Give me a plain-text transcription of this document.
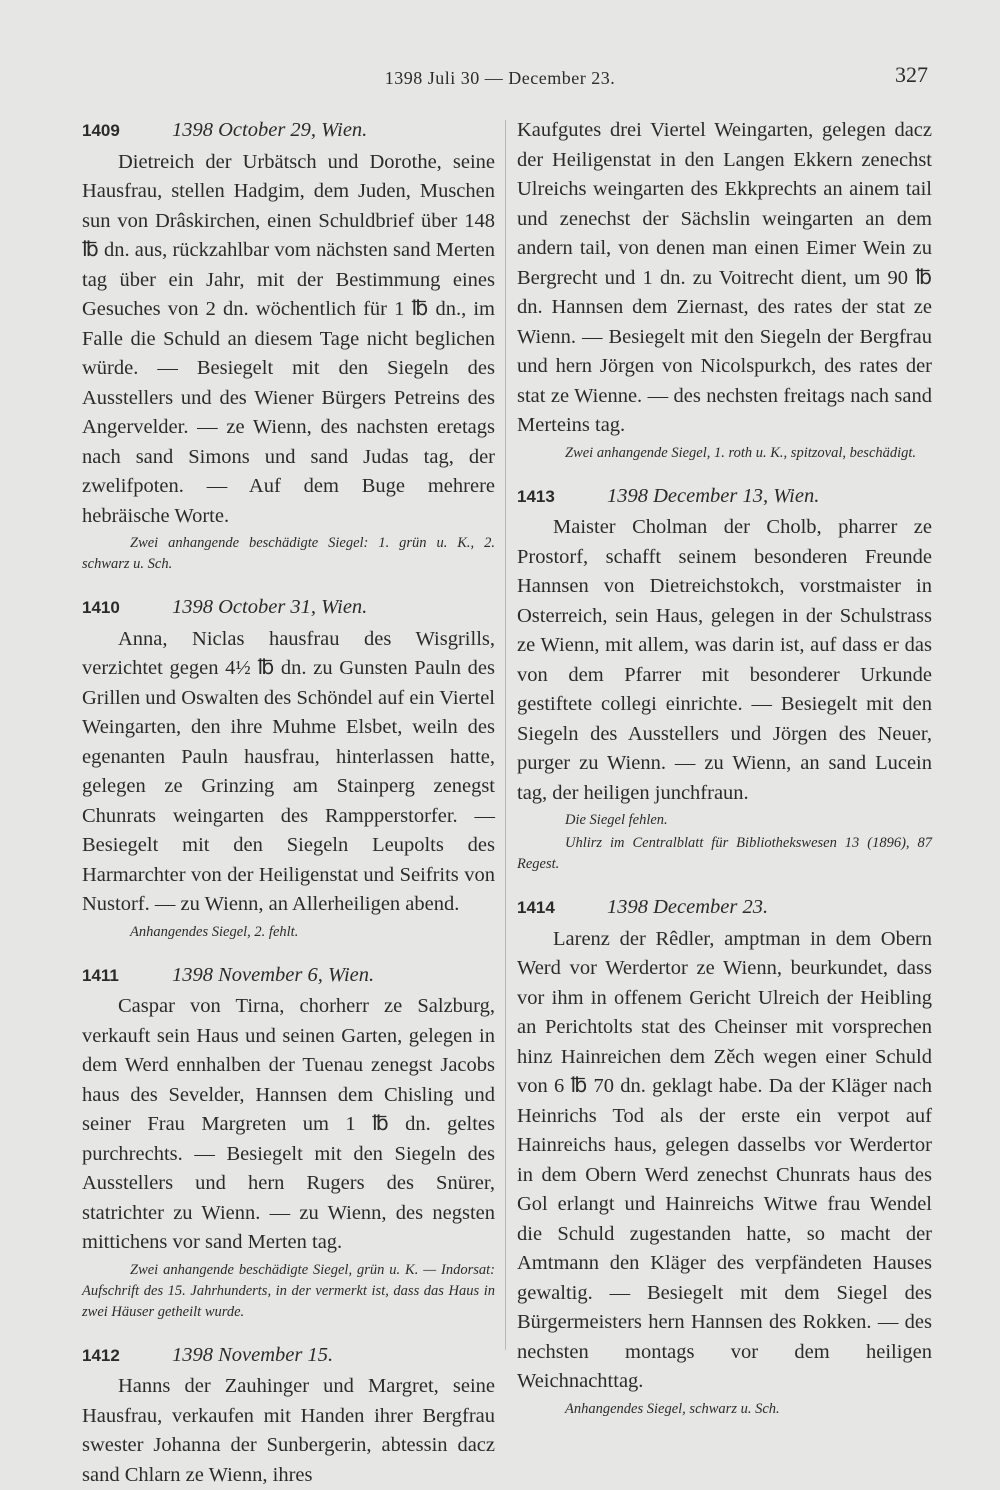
1398 Juli 30 — December 23.	327
1409	1398 October 29, Wien.

Dietreich der Urbätsch und Dorothe, seine Hausfrau, stellen Hadgim, dem Juden, Muschen sun von Drâskirchen, einen Schuldbrief über 148 ℔ dn. aus, rückzahlbar vom nächsten sand Merten tag über ein Jahr, mit der Bestimmung eines Gesuches von 2 dn. wöchentlich für 1 ℔ dn., im Falle die Schuld an diesem Tage nicht beglichen würde. — Besiegelt mit den Siegeln des Ausstellers und des Wiener Bürgers Petreins des Angervelder. — ze Wienn, des nachsten eretags nach sand Simons und sand Judas tag, der zwelifpoten. — Auf dem Buge mehrere hebräische Worte.

Zwei anhangende beschädigte Siegel: 1. grün u. K., 2. schwarz u. Sch.

1410	1398 October 31, Wien.

Anna, Niclas hausfrau des Wisgrills, verzichtet gegen 4½ ℔ dn. zu Gunsten Pauln des Grillen und Oswalten des Schöndel auf ein Viertel Weingarten, den ihre Muhme Elsbet, weiln des egenanten Pauln hausfrau, hinterlassen hatte, gelegen ze Grinzing am Stainperg zenegst Chunrats weingarten des Rampperstorfer. — Besiegelt mit den Siegeln Leupolts des Harmarchter von der Heiligenstat und Seifrits von Nustorf. — zu Wienn, an Allerheiligen abend.

Anhangendes Siegel, 2. fehlt.

1411	1398 November 6, Wien.

Caspar von Tirna, chorherr ze Salzburg, verkauft sein Haus und seinen Garten, gelegen in dem Werd ennhalben der Tuenau zenegst Jacobs haus des Sevelder, Hannsen dem Chisling und seiner Frau Margreten um 1 ℔ dn. geltes purchrechts. — Besiegelt mit den Siegeln des Ausstellers und hern Rugers des Snürer, statrichter zu Wienn. — zu Wienn, des negsten mittichens vor sand Merten tag.

Zwei anhangende beschädigte Siegel, grün u. K. — Indorsat: Aufschrift des 15. Jahrhunderts, in der vermerkt ist, dass das Haus in zwei Häuser getheilt wurde.

1412	1398 November 15.

Hanns der Zauhinger und Margret, seine Hausfrau, verkaufen mit Handen ihrer Bergfrau swester Johanna der Sunbergerin, abtessin dacz sand Chlarn ze Wienn, ihres

Kaufgutes drei Viertel Weingarten, gelegen dacz der Heiligenstat in den Langen Ekkern zenechst Ulreichs weingarten des Ekkprechts an ainem tail und zenechst der Sächslin weingarten an dem andern tail, von denen man einen Eimer Wein zu Bergrecht und 1 dn. zu Voitrecht dient, um 90 ℔ dn. Hannsen dem Ziernast, des rates der stat ze Wienn. — Besiegelt mit den Siegeln der Bergfrau und hern Jörgen von Nicolspurkch, des rates der stat ze Wienne. — des nechsten freitags nach sand Merteins tag.

Zwei anhangende Siegel, 1. roth u. K., spitzoval, beschädigt.

1413	1398 December 13, Wien.

Maister Cholman der Cholb, pharrer ze Prostorf, schafft seinem besonderen Freunde Hannsen von Dietreichstokch, vorstmaister in Osterreich, sein Haus, gelegen in der Schulstrass ze Wienn, mit allem, was darin ist, auf dass er das von dem Pfarrer mit besonderer Urkunde gestiftete collegi einrichte. — Besiegelt mit den Siegeln des Ausstellers und Jörgen des Neuer, purger zu Wienn. — zu Wienn, an sand Lucein tag, der heiligen junchfraun.

Die Siegel fehlen.

Uhlirz im Centralblatt für Bibliothekswesen 13 (1896), 87 Regest.

1414	1398 December 23.

Larenz der Rêdler, amptman in dem Obern Werd vor Werdertor ze Wienn, beurkundet, dass vor ihm in offenem Gericht Ulreich der Heibling an Perichtolts stat des Cheinser mit vorsprechen hinz Hainreichen dem Zěch wegen einer Schuld von 6 ℔ 70 dn. geklagt habe. Da der Kläger nach Heinrichs Tod als der erste ein verpot auf Hainreichs haus, gelegen dasselbs vor Werdertor in dem Obern Werd zenechst Chunrats haus des Gol erlangt und Hainreichs Witwe frau Wendel die Schuld zugestanden hatte, so macht der Amtmann den Kläger des verpfändeten Hauses gewaltig. — Besiegelt mit dem Siegel des Bürgermeisters hern Hannsen des Rokken. — des nechsten montags vor dem heiligen Weichnachttag.

Anhangendes Siegel, schwarz u. Sch.
